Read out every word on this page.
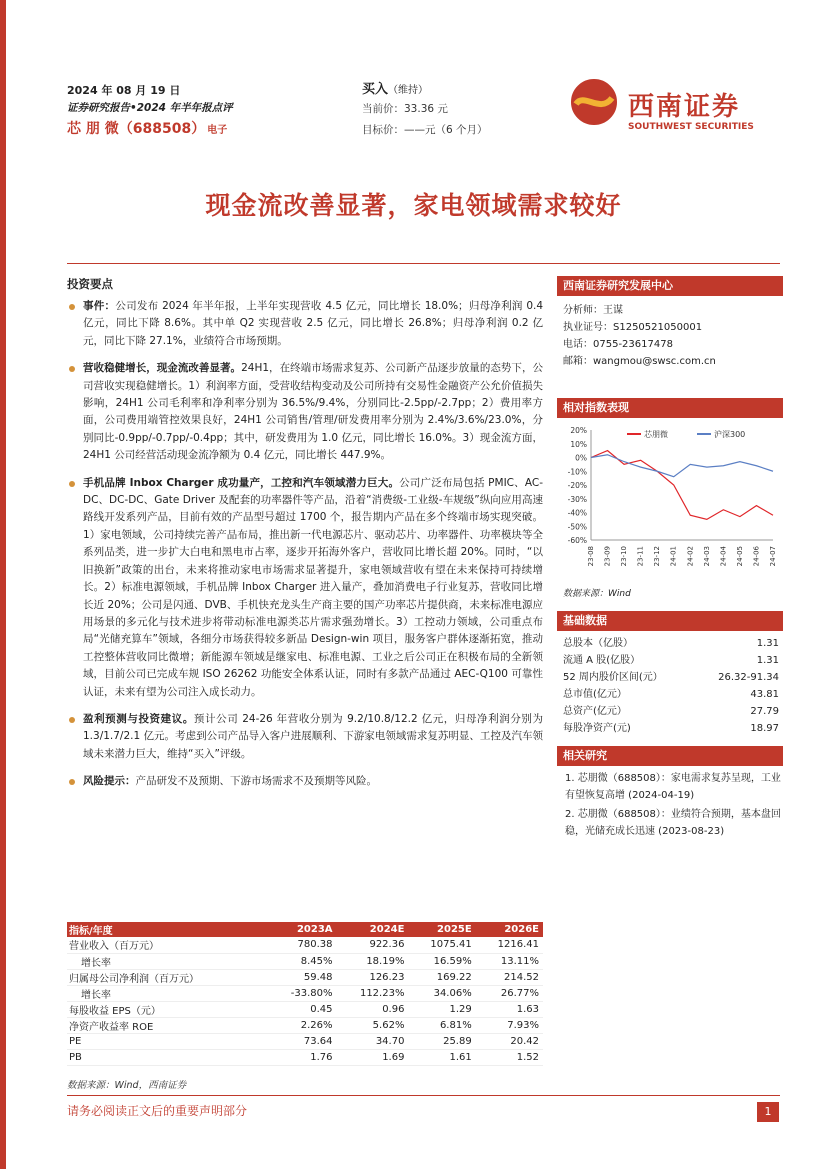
2024 年 08 月 19 日
证券研究报告•2024 年半年报点评
芯 朋 微（688508） 电子
买入（维持）
当前价：33.36 元
目标价：——元（6 个月）
西南证券
SOUTHWEST SECURITIES
现金流改善显著，家电领域需求较好
投资要点
事件：公司发布 2024 年半年报，上半年实现营收 4.5 亿元，同比增长 18.0%；归母净利润 0.4 亿元，同比下降 8.6%。其中单 Q2 实现营收 2.5 亿元，同比增长 26.8%；归母净利润 0.2 亿元，同比下降 27.1%，业绩符合市场预期。
营收稳健增长，现金流改善显著。24H1，在终端市场需求复苏、公司新产品逐步放量的态势下，公司营收实现稳健增长。1）利润率方面，受营收结构变动及公司所持有交易性金融资产公允价值损失影响，24H1 公司毛利率和净利率分别为 36.5%/9.4%，分别同比-2.5pp/-2.7pp；2）费用率方面，公司费用端管控效果良好，24H1 公司销售/管理/研发费用率分别为 2.4%/3.6%/23.0%，分别同比-0.9pp/-0.7pp/-0.4pp；其中，研发费用为 1.0 亿元，同比增长 16.0%。3）现金流方面，24H1 公司经营活动现金流净额为 0.4 亿元，同比增长 447.9%。
手机品牌 Inbox Charger 成功量产，工控和汽车领域潜力巨大。公司广泛布局包括 PMIC、AC-DC、DC-DC、Gate Driver 及配套的功率器件等产品，沿着“消费级-工业级-车规级”纵向应用高速路线开发系列产品，目前有效的产品型号超过 1700 个，报告期内产品在多个终端市场实现突破。1）家电领域，公司持续完善产品布局，推出新一代电源芯片、驱动芯片、功率器件、功率模块等全系列品类，进一步扩大白电和黑电市占率，逐步开拓海外客户，营收同比增长超 20%。同时，“以旧换新”政策的出台，未来将推动家电市场需求显著提升，家电领域营收有望在未来保持可持续增长。2）标准电源领域，手机品牌 Inbox Charger 进入量产，叠加消费电子行业复苏，营收同比增长近 20%；公司是闪通、DVB、手机快充龙头生产商主要的国产功率芯片提供商，未来标准电源应用场景的多元化与技术进步将带动标准电源类芯片需求强劲增长。3）工控动力领域，公司重点布局“光储充算车”领域，各细分市场获得较多新品 Design-win 项目，服务客户群体逐渐拓宽，推动工控整体营收同比微增；新能源车领域是继家电、标准电源、工业之后公司正在积极布局的全新领域，目前公司已完成车规 ISO 26262 功能安全体系认证，同时有多款产品通过 AEC-Q100 可靠性认证，未来有望为公司注入成长动力。
盈利预测与投资建议。预计公司 24-26 年营收分别为 9.2/10.8/12.2 亿元，归母净利润分别为 1.3/1.7/2.1 亿元。考虑到公司产品导入客户进展顺利、下游家电领域需求复苏明显、工控及汽车领域未来潜力巨大，维持“买入”评级。
风险提示：产品研发不及预期、下游市场需求不及预期等风险。
西南证券研究发展中心
分析师：王谋
执业证号：S1250521050001
电话：0755-23617478
邮箱：wangmou@swsc.com.cn
相对指数表现
20%
10%
0%
-10%
-20%
-30%
-40%
-50%
-60%
23-08 23-09 23-10 23-11 23-12 24-01 24-02 24-03 24-04 24-05 24-06 24-07
芯朋微	沪深300
数据来源：Wind
基础数据
总股本（亿股）	1.31
流通 A 股(亿股）	1.31
52 周内股价区间(元）	26.32-91.34
总市值(亿元）	43.81
总资产(亿元）	27.79
每股净资产(元)	18.97
相关研究
1. 芯朋微（688508）：家电需求复苏呈现，工业有望恢复高增 (2024-04-19)
2. 芯朋微（688508）：业绩符合预期，基本盘回稳，光储充成长迅速 (2023-08-23)
指标/年度	2023A	2024E	2025E	2026E
营业收入（百万元）	780.38	922.36	1075.41	1216.41
增长率	8.45%	18.19%	16.59%	13.11%
归属母公司净利润（百万元）	59.48	126.23	169.22	214.52
增长率	-33.80%	112.23%	34.06%	26.77%
每股收益 EPS（元）	0.45	0.96	1.29	1.63
净资产收益率 ROE	2.26%	5.62%	6.81%	7.93%
PE	73.64	34.70	25.89	20.42
PB	1.76	1.69	1.61	1.52
数据来源：Wind，西南证券
请务必阅读正文后的重要声明部分	1
